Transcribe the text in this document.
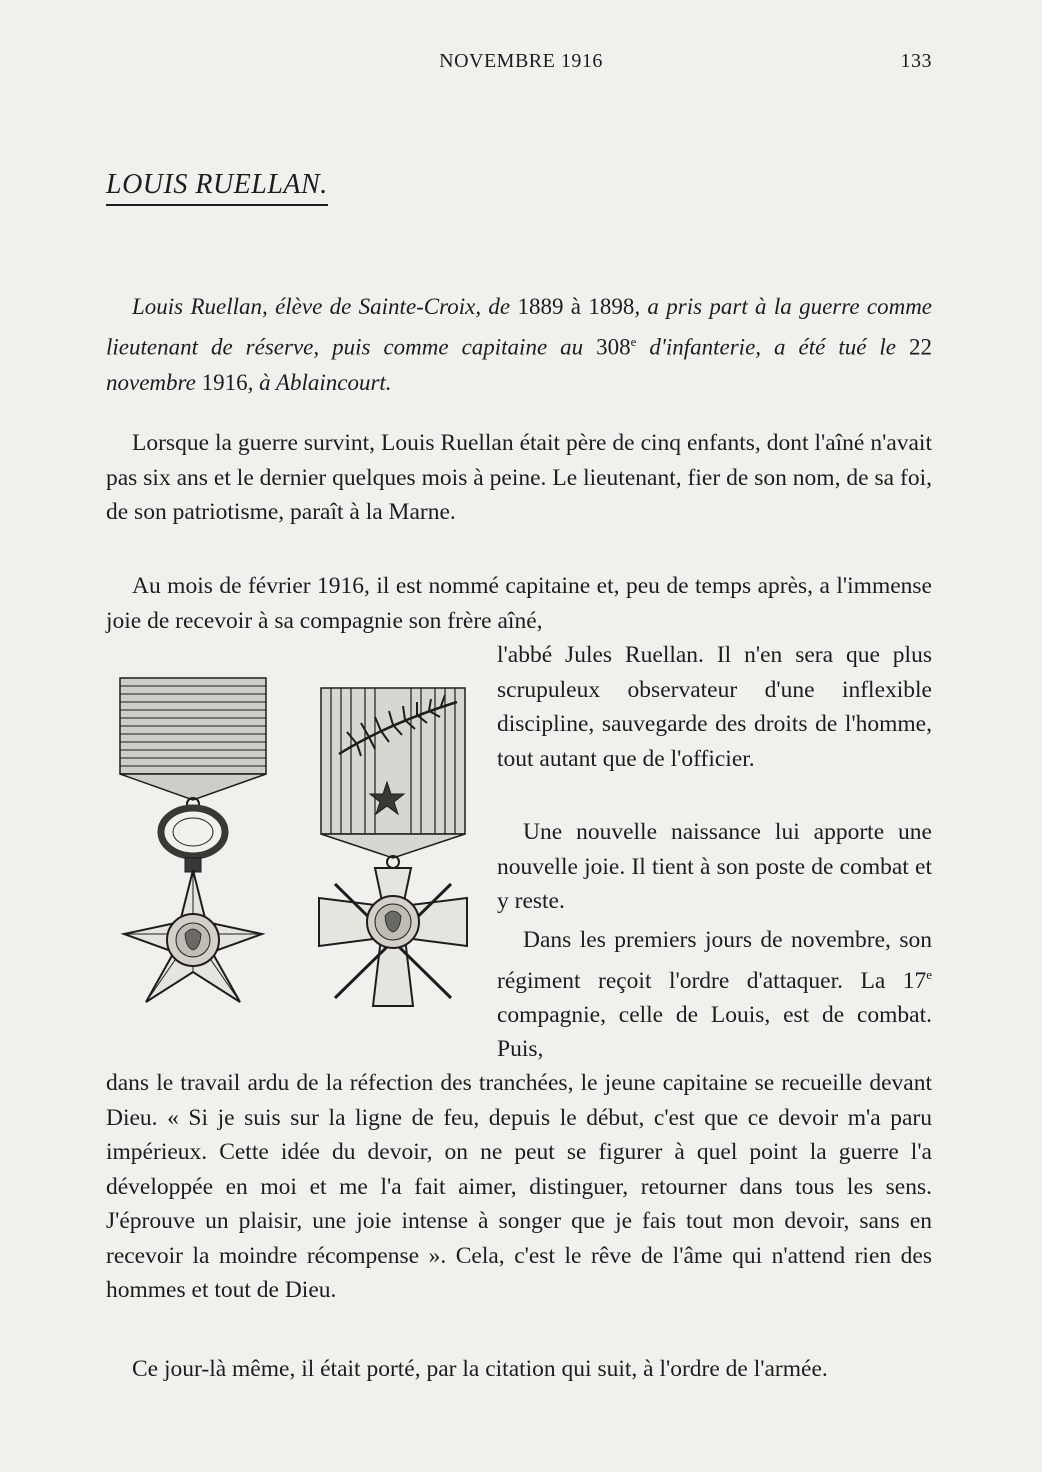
NOVEMBRE 1916	133
LOUIS RUELLAN.

Louis Ruellan, élève de Sainte-Croix, de 1889 à 1898, a pris part à la guerre comme lieutenant de réserve, puis comme capitaine au 308e d'infanterie, a été tué le 22 novembre 1916, à Ablaincourt.

Lorsque la guerre survint, Louis Ruellan était père de cinq enfants, dont l'aîné n'avait pas six ans et le dernier quelques mois à peine. Le lieutenant, fier de son nom, de sa foi, de son patriotisme, paraît à la Marne.

Au mois de février 1916, il est nommé capitaine et, peu de temps après, a l'immense joie de recevoir à sa compagnie son frère aîné,

l'abbé Jules Ruellan. Il n'en sera que plus scrupuleux observateur d'une inflexible discipline, sauvegarde des droits de l'homme, tout autant que de l'officier.

Une nouvelle naissance lui apporte une nouvelle joie. Il tient à son poste de combat et y reste.

Dans les premiers jours de novembre, son régiment reçoit l'ordre d'attaquer. La 17e compagnie, celle de Louis, est de combat. Puis,

dans le travail ardu de la réfection des tranchées, le jeune capitaine se recueille devant Dieu. « Si je suis sur la ligne de feu, depuis le début, c'est que ce devoir m'a paru impérieux. Cette idée du devoir, on ne peut se figurer à quel point la guerre l'a développée en moi et me l'a fait aimer, distinguer, retourner dans tous les sens. J'éprouve un plaisir, une joie intense à songer que je fais tout mon devoir, sans en recevoir la moindre récompense ». Cela, c'est le rêve de l'âme qui n'attend rien des hommes et tout de Dieu.

Ce jour-là même, il était porté, par la citation qui suit, à l'ordre de l'armée.
